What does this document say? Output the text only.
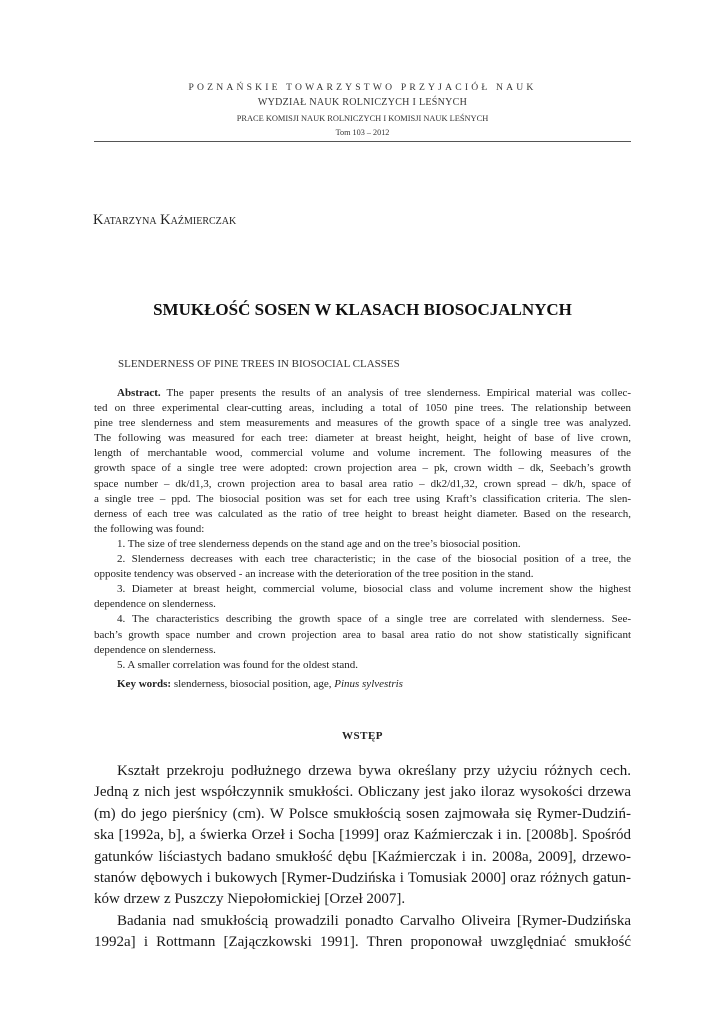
POZNAŃSKIE TOWARZYSTWO PRZYJACIÓŁ NAUK
WYDZIAŁ NAUK ROLNICZYCH I LEŚNYCH
PRACE KOMISJI NAUK ROLNICZYCH I KOMISJI NAUK LEŚNYCH
Tom 103 – 2012
Katarzyna Kaźmierczak
SMUKŁOŚĆ SOSEN W KLASACH BIOSOCJALNYCH
SLENDERNESS OF PINE TREES IN BIOSOCIAL CLASSES

Abstract. The paper presents the results of an analysis of tree slenderness. Empirical material was collec-
ted on three experimental clear-cutting areas, including a total of 1050 pine trees. The relationship between
pine tree slenderness and stem measurements and measures of the growth space of a single tree was analyzed.
The following was measured for each tree: diameter at breast height, height, height of base of live crown,
length of merchantable wood, commercial volume and volume increment. The following measures of the
growth space of a single tree were adopted: crown projection area – pk, crown width – dk, Seebach’s growth
space number – dk/d1,3, crown projection area to basal area ratio – dk2/d1,32, crown spread – dk/h, space of
a single tree – ppd. The biosocial position was set for each tree using Kraft’s classification criteria. The slen-
derness of each tree was calculated as the ratio of tree height to breast height diameter. Based on the research,
the following was found:

1. The size of tree slenderness depends on the stand age and on the tree’s biosocial position.
2. Slenderness decreases with each tree characteristic; in the case of the biosocial position of a tree, the
opposite tendency was observed - an increase with the deterioration of the tree position in the stand.
3. Diameter at breast height, commercial volume, biosocial class and volume increment show the highest
dependence on slenderness.
4. The characteristics describing the growth space of a single tree are correlated with slenderness. See-
bach’s growth space number and crown projection area to basal area ratio do not show statistically significant
dependence on slenderness.
5. A smaller correlation was found for the oldest stand.
Key words: slenderness, biosocial position, age, Pinus sylvestris
WSTĘP

Kształt przekroju podłużnego drzewa bywa określany przy użyciu różnych cech.
Jedną z nich jest współczynnik smukłości. Obliczany jest jako iloraz wysokości drzewa
(m) do jego pierśnicy (cm). W Polsce smukłością sosen zajmowała się Rymer-Dudziń-
ska [1992a, b], a świerka Orzeł i Socha [1999] oraz Kaźmierczak i in. [2008b]. Spośród
gatunków liściastych badano smukłość dębu [Kaźmierczak i in. 2008a, 2009], drzewo-
stanów dębowych i bukowych [Rymer-Dudzińska i Tomusiak 2000] oraz różnych gatun-
ków drzew z Puszczy Niepołomickiej [Orzeł 2007].

Badania nad smukłością prowadzili ponadto Carvalho Oliveira [Rymer-Dudzińska
1992a] i Rottmann [Zajączkowski 1991]. Thren proponował uwzględniać smukłość
